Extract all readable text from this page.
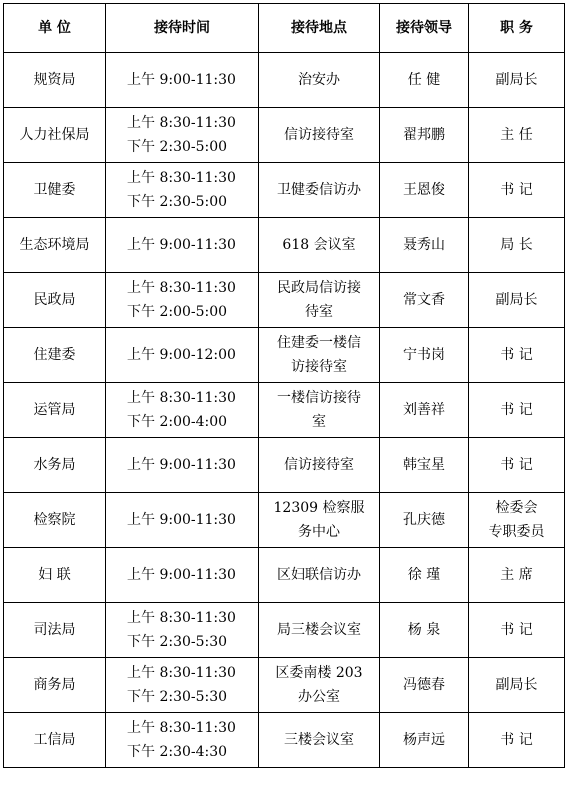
单 位	接待时间	接待地点	接待领导	职 务
规资局	上午 9:00-11:30	治安办	任 健	副局长

人力社保局	上午 8:30-11:30
下午 2:30-5:00	信访接待室	翟邦鹏	主 任

卫健委	上午 8:30-11:30
下午 2:30-5:00	卫健委信访办	王恩俊	书 记

生态环境局	上午 9:00-11:30	618 会议室	聂秀山	局 长

民政局	上午 8:30-11:30
下午 2:00-5:00	民政局信访接
待室	常文香	副局长

住建委	上午 9:00-12:00	住建委一楼信
访接待室	宁书岗	书 记

运管局	上午 8:30-11:30
下午 2:00-4:00	一楼信访接待
室	刘善祥	书 记

水务局	上午 9:00-11:30	信访接待室	韩宝星	书 记

检察院	上午 9:00-11:30	12309 检察服
务中心	孔庆德	检委会
专职委员

妇 联	上午 9:00-11:30	区妇联信访办	徐 瑾	主 席

司法局	上午 8:30-11:30
下午 2:30-5:30	局三楼会议室	杨 泉	书 记

商务局	上午 8:30-11:30
下午 2:30-5:30	区委南楼 203
办公室	冯德春	副局长

工信局	上午 8:30-11:30
下午 2:30-4:30	三楼会议室	杨声远	书 记
